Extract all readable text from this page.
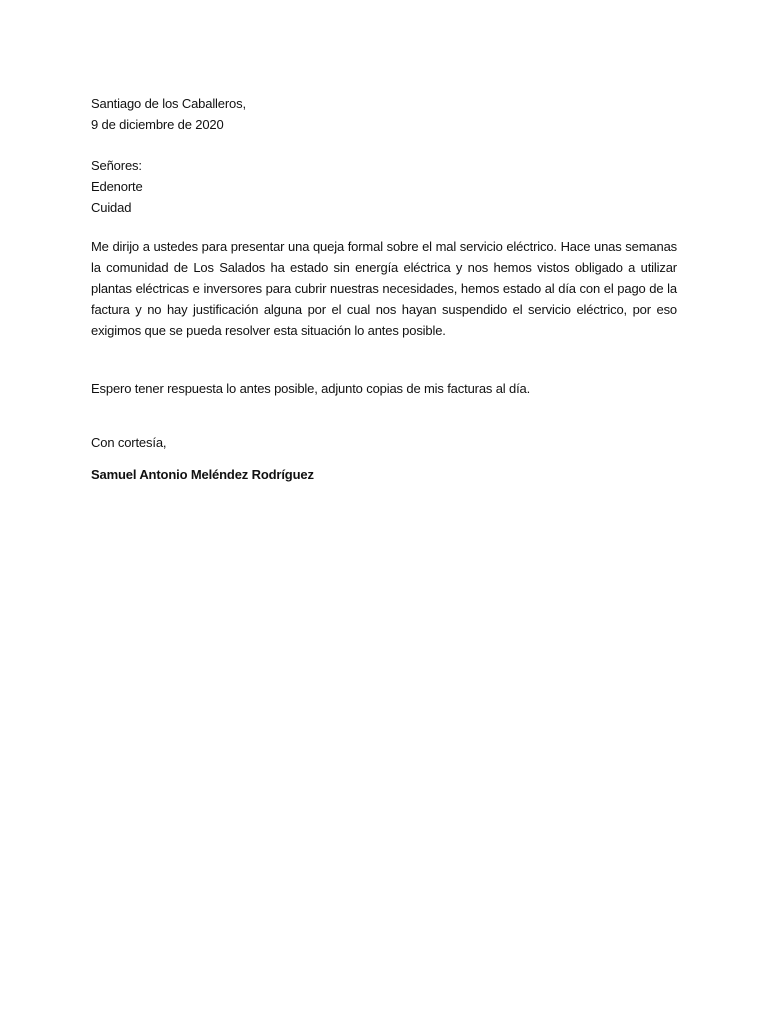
Santiago de los Caballeros,
9 de diciembre de 2020
Señores:
Edenorte
Cuidad

Me dirijo a ustedes para presentar una queja formal sobre el mal servicio eléctrico. Hace unas semanas la comunidad de Los Salados ha estado sin energía eléctrica y nos hemos vistos obligado a utilizar plantas eléctricas e inversores para cubrir nuestras necesidades, hemos estado al día con el pago de la factura y no hay justificación alguna por el cual nos hayan suspendido el servicio eléctrico, por eso exigimos que se pueda resolver esta situación lo antes posible.

Espero tener respuesta lo antes posible, adjunto copias de mis facturas al día.

Con cortesía,
Samuel Antonio Meléndez Rodríguez
